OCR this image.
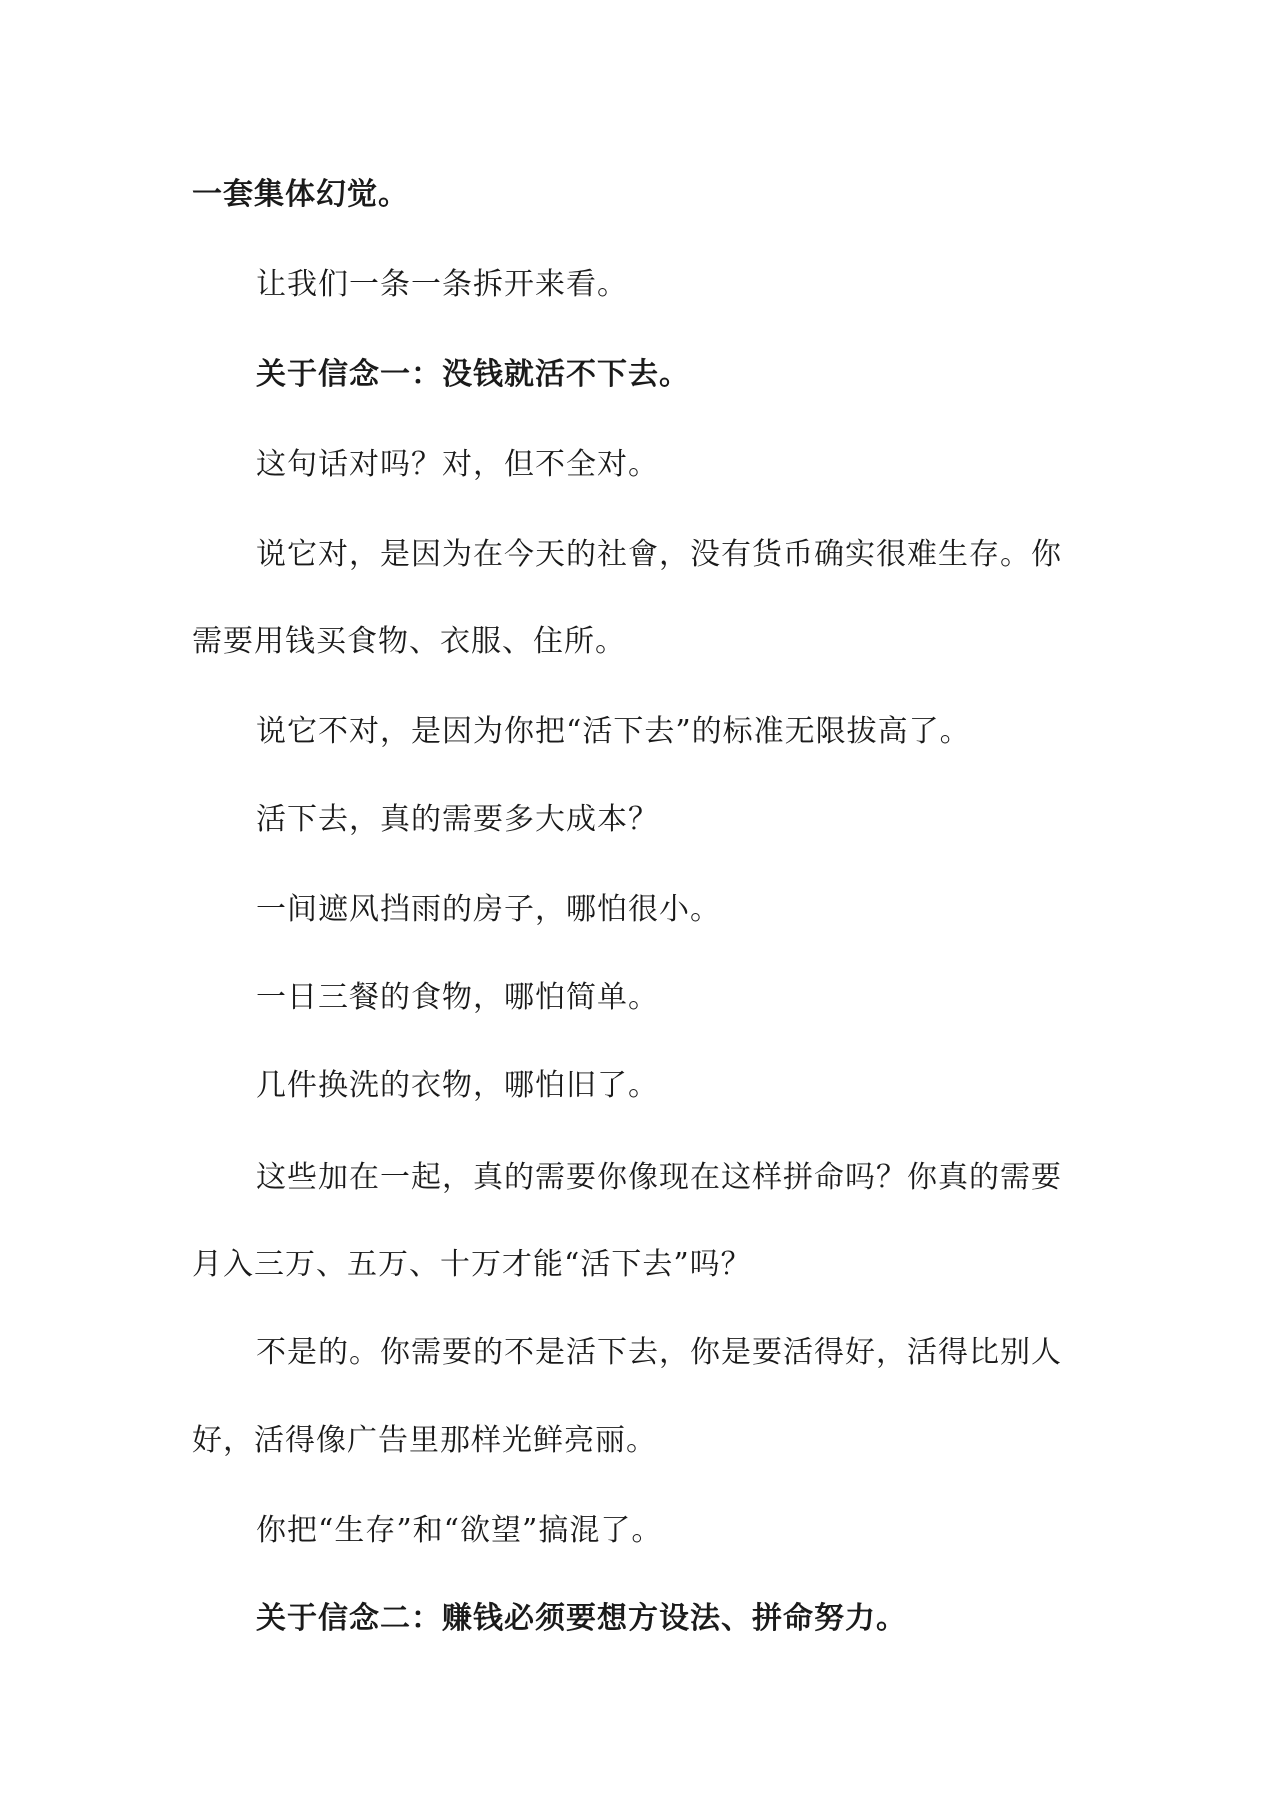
一套集体幻觉。
让我们一条一条拆开来看。
关于信念一：没钱就活不下去。
这句话对吗？对，但不全对。
说它对，是因为在今天的社會，没有货币确实很难生存。你
需要用钱买食物、衣服、住所。
说它不对，是因为你把“活下去”的标准无限拔高了。
活下去，真的需要多大成本？
一间遮风挡雨的房子，哪怕很小。
一日三餐的食物，哪怕简单。
几件换洗的衣物，哪怕旧了。
这些加在一起，真的需要你像现在这样拼命吗？你真的需要
月入三万、五万、十万才能“活下去”吗？
不是的。你需要的不是活下去，你是要活得好，活得比别人
好，活得像广告里那样光鲜亮丽。
你把“生存”和“欲望”搞混了。
关于信念二：赚钱必须要想方设法、拼命努力。
